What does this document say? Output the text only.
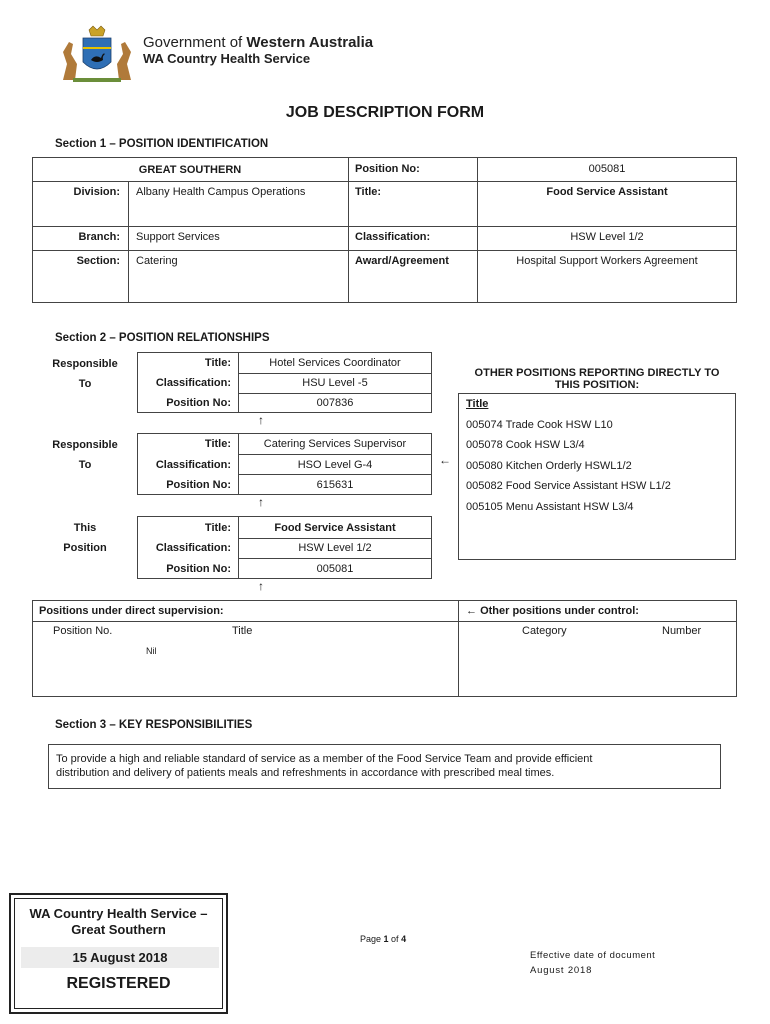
Government of Western Australia
WA Country Health Service
JOB DESCRIPTION FORM
Section 1 – POSITION IDENTIFICATION
GREAT SOUTHERN	Position No:	005081
Division: Albany Health Campus Operations	Title:	Food Service Assistant
Branch: Support Services	Classification:	HSW Level 1/2
Section: Catering	Award/Agreement	Hospital Support Workers Agreement
Section 2 – POSITION RELATIONSHIPS
Responsible
To
Responsible
To
This
Position
Title:	Hotel Services Coordinator
Classification:	HSU Level -5
Position No:	007836
↑
Title:	Catering Services Supervisor
Classification:	HSO Level G-4
Position No:	615631
↑
←
Title:	Food Service Assistant
Classification:	HSW Level 1/2
Position No:	005081
↑
OTHER POSITIONS REPORTING DIRECTLY TO
THIS POSITION:
Title
005074 Trade Cook HSW L10
005078 Cook HSW L3/4
005080 Kitchen Orderly HSWL1/2
005082 Food Service Assistant HSW L1/2
005105 Menu Assistant HSW L3/4
Positions under direct supervision:	← Other positions under control:
Position No.	Title
Nil
Category	Number
Section 3 – KEY RESPONSIBILITIES
To provide a high and reliable standard of service as a member of the Food Service Team and provide efficient
distribution and delivery of patients meals and refreshments in accordance with prescribed meal times.
WA Country Health Service –
Great Southern
15 August 2018
REGISTERED
Page 1 of 4
Effective date of document
August 2018
